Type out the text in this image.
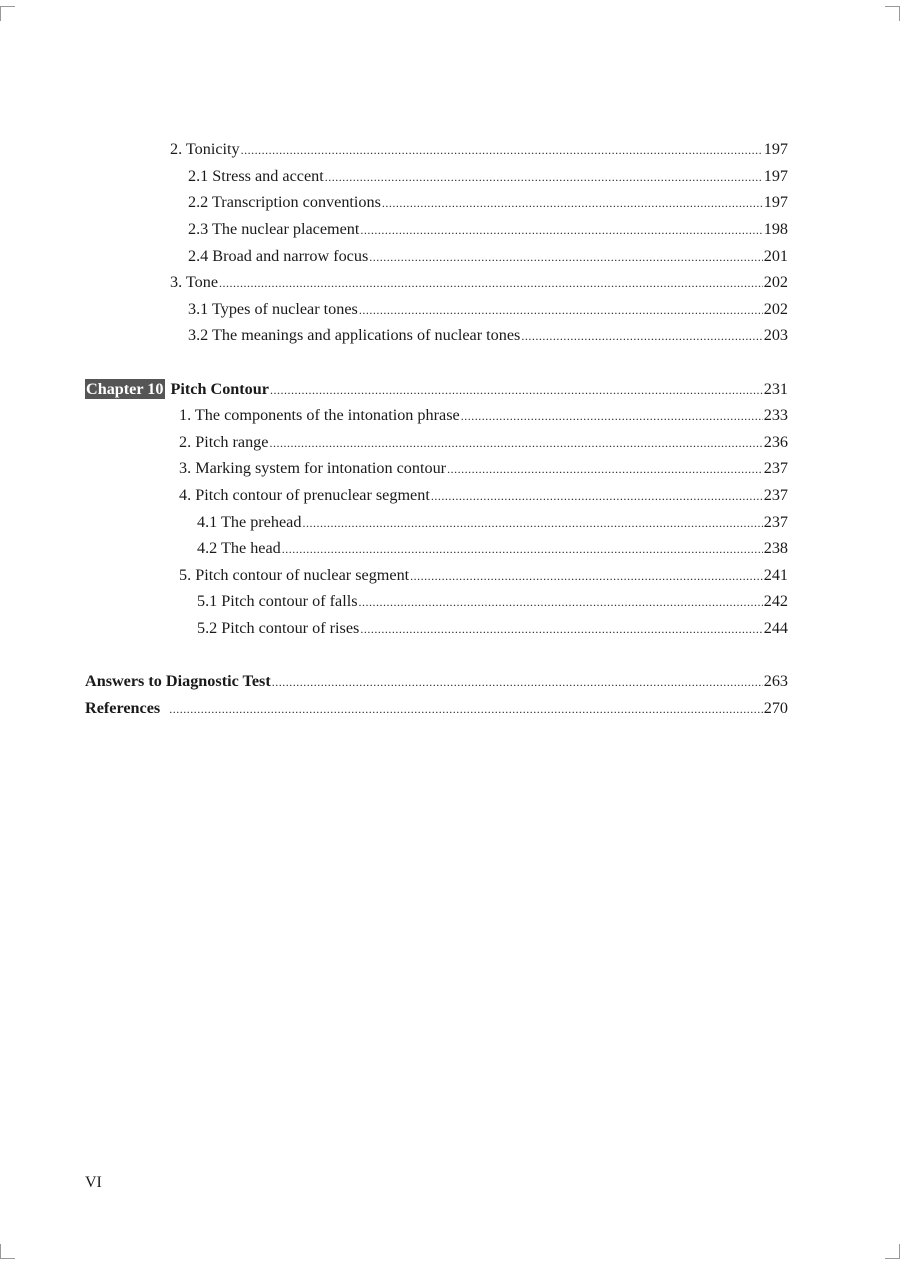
2. Tonicity .....	197
2.1 Stress and accent .....	197
2.2 Transcription conventions .....	197
2.3 The nuclear placement .....	198
2.4 Broad and narrow focus .....	201
3. Tone .....	202
3.1 Types of nuclear tones .....	202
3.2 The meanings and applications of nuclear tones .....	203
Chapter 10 Pitch Contour .....	231
1. The components of the intonation phrase .....	233
2. Pitch range .....	236
3. Marking system for intonation contour .....	237
4. Pitch contour of prenuclear segment .....	237
4.1 The prehead .....	237
4.2 The head .....	238
5. Pitch contour of nuclear segment .....	241
5.1 Pitch contour of falls .....	242
5.2 Pitch contour of rises .....	244
Answers to Diagnostic Test .....	263
References .....	270
VI
